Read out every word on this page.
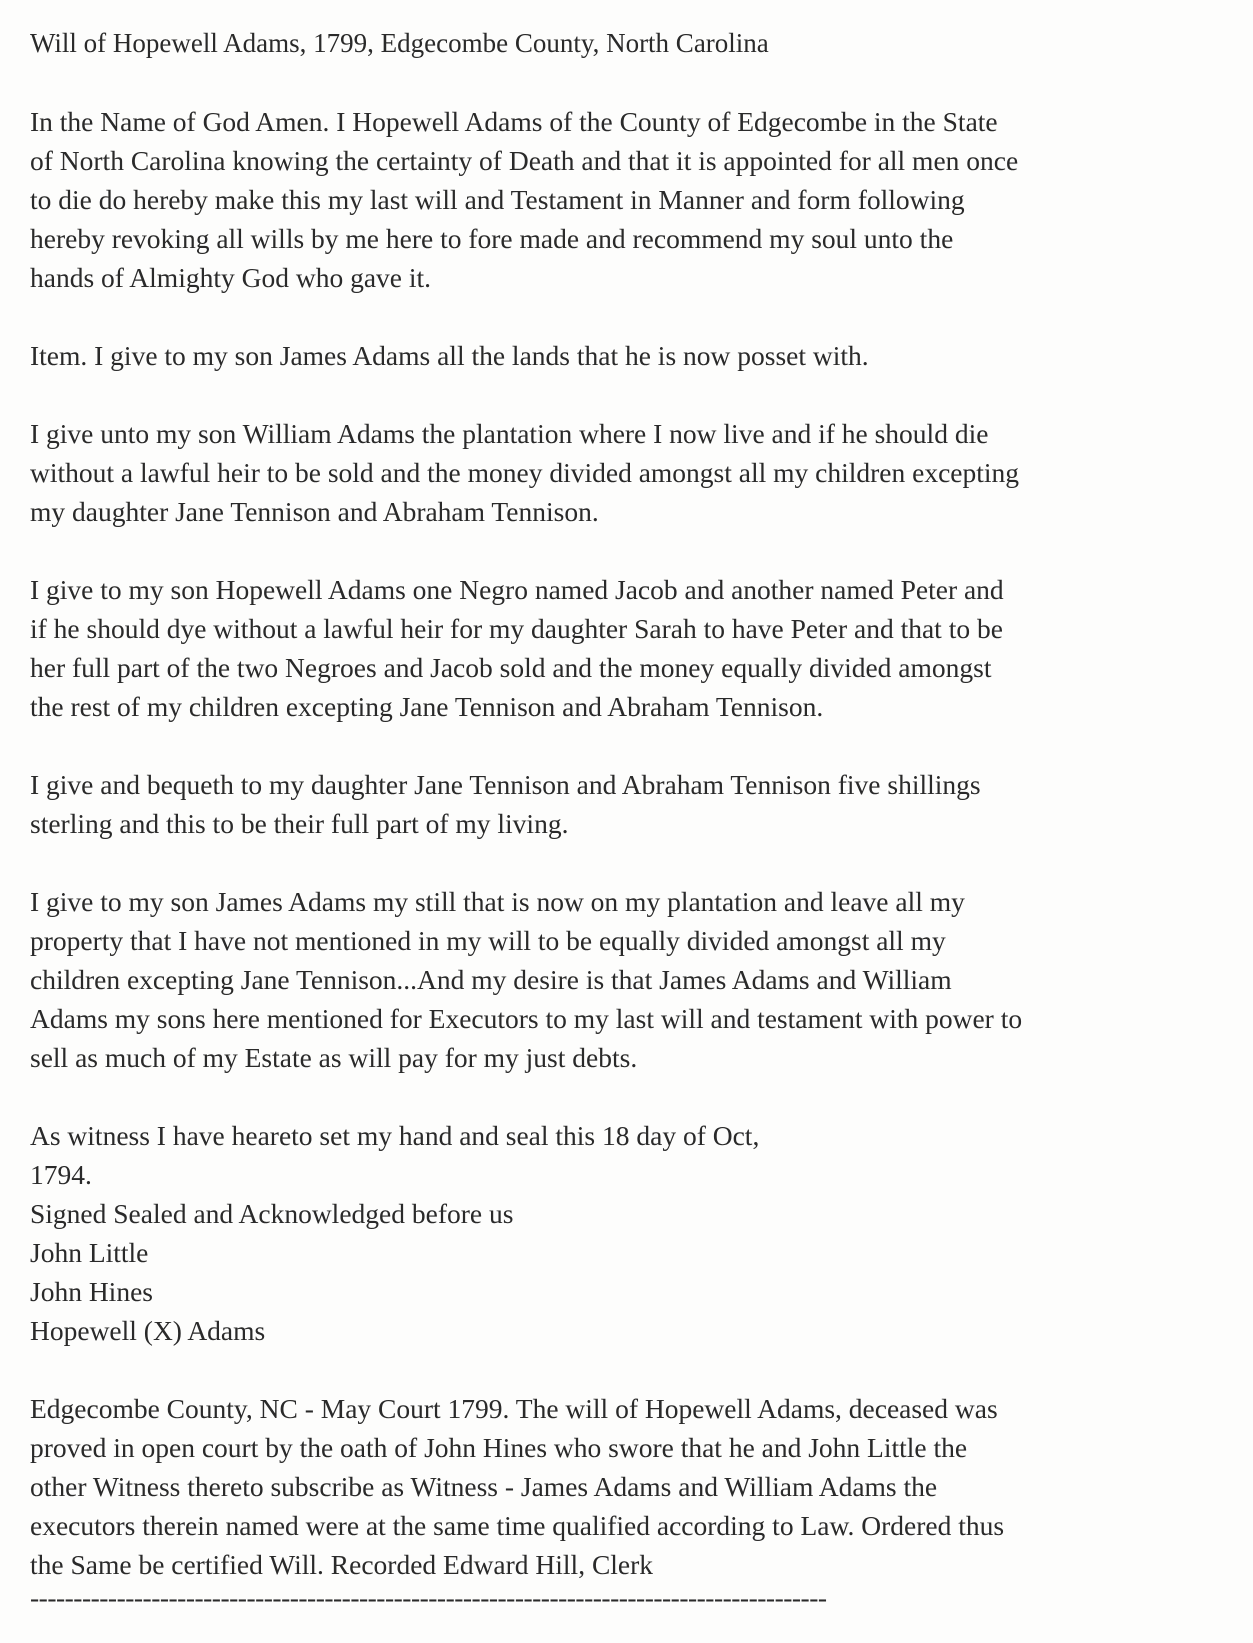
Will of Hopewell Adams, 1799, Edgecombe County, North Carolina
In the Name of God Amen. I Hopewell Adams of the County of Edgecombe in the State
of North Carolina knowing the certainty of Death and that it is appointed for all men once
to die do hereby make this my last will and Testament in Manner and form following
hereby revoking all wills by me here to fore made and recommend my soul unto the
hands of Almighty God who gave it.
Item. I give to my son James Adams all the lands that he is now posset with.
I give unto my son William Adams the plantation where I now live and if he should die
without a lawful heir to be sold and the money divided amongst all my children excepting
my daughter Jane Tennison and Abraham Tennison.
I give to my son Hopewell Adams one Negro named Jacob and another named Peter and
if he should dye without a lawful heir for my daughter Sarah to have Peter and that to be
her full part of the two Negroes and Jacob sold and the money equally divided amongst
the rest of my children excepting Jane Tennison and Abraham Tennison.
I give and bequeth to my daughter Jane Tennison and Abraham Tennison five shillings
sterling and this to be their full part of my living.
I give to my son James Adams my still that is now on my plantation and leave all my
property that I have not mentioned in my will to be equally divided amongst all my
children excepting Jane Tennison...And my desire is that James Adams and William
Adams my sons here mentioned for Executors to my last will and testament with power to
sell as much of my Estate as will pay for my just debts.
As witness I have heareto set my hand and seal this 18 day of Oct,
1794.
Signed Sealed and Acknowledged before us
John Little
John Hines
Hopewell (X) Adams
Edgecombe County, NC - May Court 1799. The will of Hopewell Adams, deceased was
proved in open court by the oath of John Hines who swore that he and John Little the
other Witness thereto subscribe as Witness - James Adams and William Adams the
executors therein named were at the same time qualified according to Law. Ordered thus
the Same be certified Will. Recorded Edward Hill, Clerk
--------------------------------------------------------------------------------------------
